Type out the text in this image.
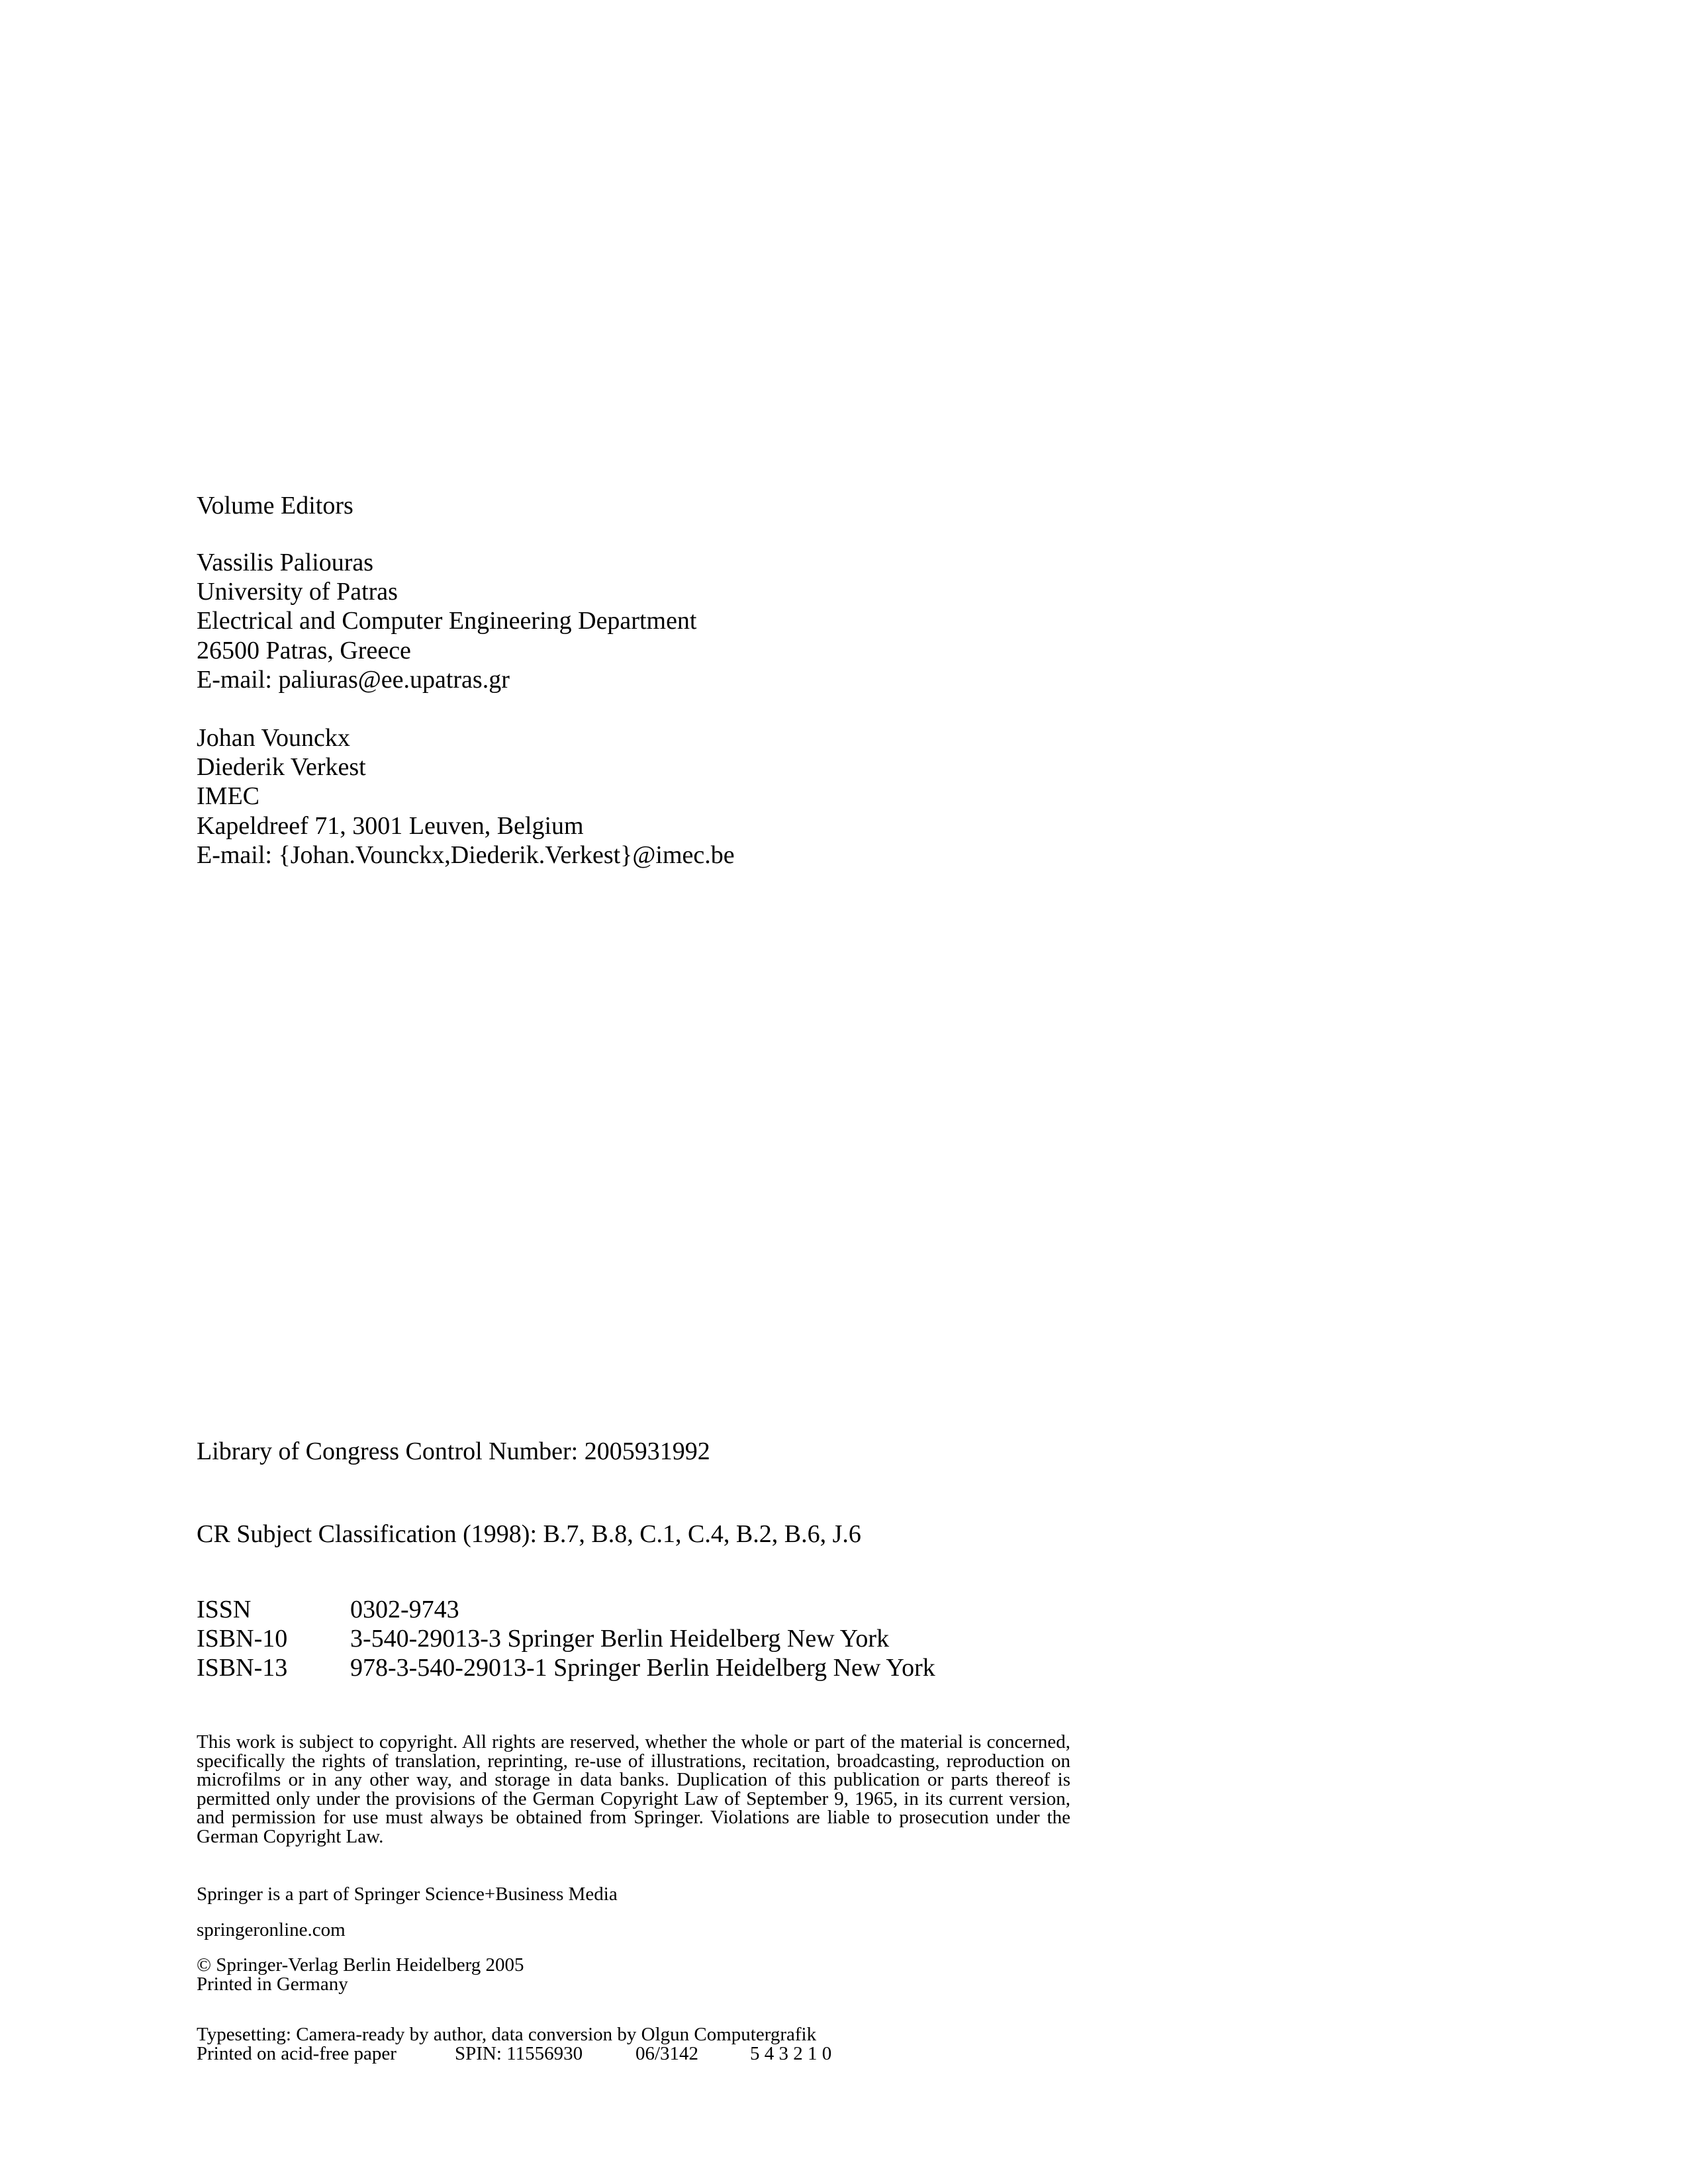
Volume Editors
Vassilis Paliouras
University of Patras
Electrical and Computer Engineering Department
26500 Patras, Greece
E-mail: paliuras@ee.upatras.gr
Johan Vounckx
Diederik Verkest
IMEC
Kapeldreef 71, 3001 Leuven, Belgium
E-mail: {Johan.Vounckx,Diederik.Verkest}@imec.be
Library of Congress Control Number: 2005931992
CR Subject Classification (1998): B.7, B.8, C.1, C.4, B.2, B.6, J.6
ISSN	0302-9743
ISBN-10	3-540-29013-3 Springer Berlin Heidelberg New York
ISBN-13	978-3-540-29013-1 Springer Berlin Heidelberg New York
This work is subject to copyright. All rights are reserved, whether the whole or part of the material is concerned, specifically the rights of translation, reprinting, re-use of illustrations, recitation, broadcasting, reproduction on microfilms or in any other way, and storage in data banks. Duplication of this publication or parts thereof is permitted only under the provisions of the German Copyright Law of September 9, 1965, in its current version, and permission for use must always be obtained from Springer. Violations are liable to prosecution under the German Copyright Law.
Springer is a part of Springer Science+Business Media
springeronline.com
© Springer-Verlag Berlin Heidelberg 2005
Printed in Germany
Typesetting: Camera-ready by author, data conversion by Olgun Computergrafik
Printed on acid-free paper	SPIN: 11556930	06/3142	5 4 3 2 1 0
